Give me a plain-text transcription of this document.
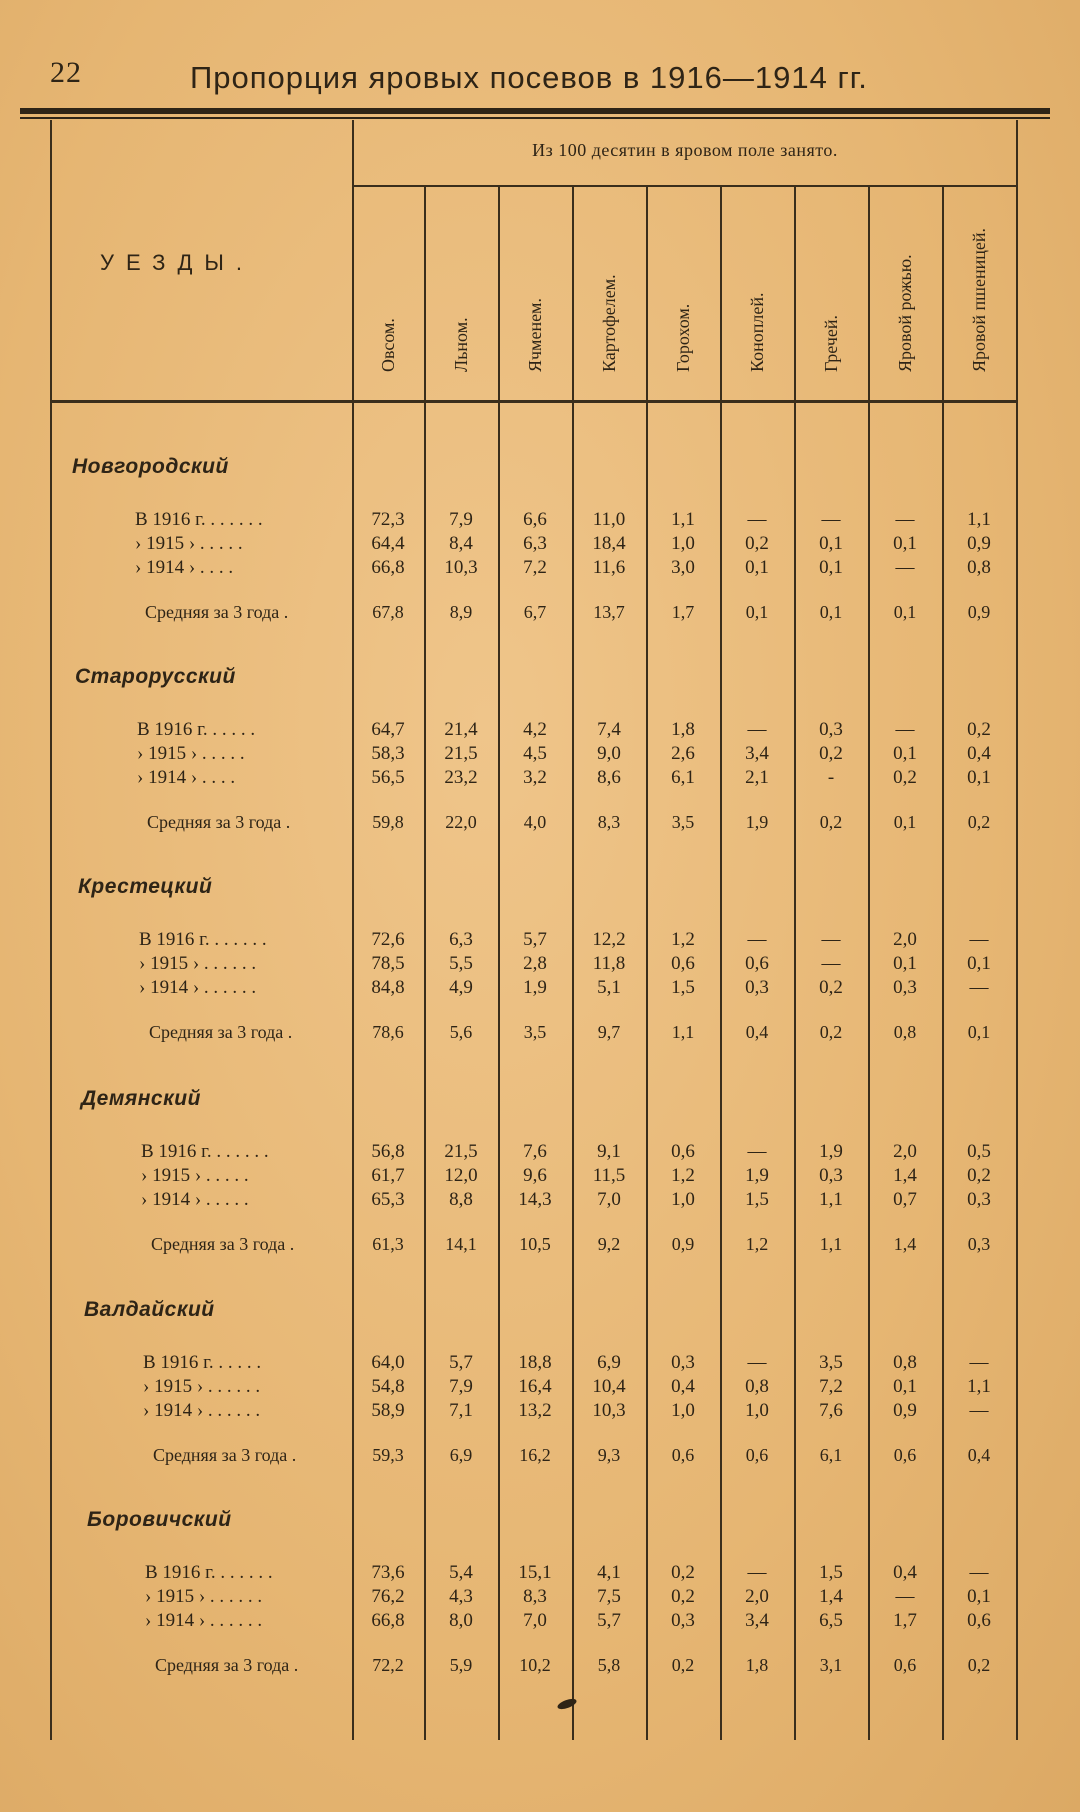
22	Пропорция яровых посевов в 1916—1914 гг.
УЕЗДЫ.
Из 100 десятин в яровом поле занято.
Овсом.	Льном.	Ячменем.	Картофелем.	Горохом.	Коноплей.	Гречей.	Яровой рожью.	Яровой пшеницей.
Новгородский
В 1916 г. . . . . . .	72,3	7,9	6,6	11,0	1,1	—	—	—	1,1
› 1915 › . . . . .	64,4	8,4	6,3	18,4	1,0	0,2	0,1	0,1	0,9
› 1914 › . . . .	66,8	10,3	7,2	11,6	3,0	0,1	0,1	—	0,8
Средняя за 3 года .	67,8	8,9	6,7	13,7	1,7	0,1	0,1	0,1	0,9
Старорусский
В 1916 г. . . . . .	64,7	21,4	4,2	7,4	1,8	—	0,3	—	0,2
› 1915 › . . . . .	58,3	21,5	4,5	9,0	2,6	3,4	0,2	0,1	0,4
› 1914 › . . . .	56,5	23,2	3,2	8,6	6,1	2,1	-	0,2	0,1
Средняя за 3 года .	59,8	22,0	4,0	8,3	3,5	1,9	0,2	0,1	0,2
Крестецкий
В 1916 г. . . . . . .	72,6	6,3	5,7	12,2	1,2	—	—	2,0	—
› 1915 › . . . . . .	78,5	5,5	2,8	11,8	0,6	0,6	—	0,1	0,1
› 1914 › . . . . . .	84,8	4,9	1,9	5,1	1,5	0,3	0,2	0,3	—
Средняя за 3 года .	78,6	5,6	3,5	9,7	1,1	0,4	0,2	0,8	0,1
Демянский
В 1916 г. . . . . . .	56,8	21,5	7,6	9,1	0,6	—	1,9	2,0	0,5
› 1915 › . . . . .	61,7	12,0	9,6	11,5	1,2	1,9	0,3	1,4	0,2
› 1914 › . . . . .	65,3	8,8	14,3	7,0	1,0	1,5	1,1	0,7	0,3
Средняя за 3 года .	61,3	14,1	10,5	9,2	0,9	1,2	1,1	1,4	0,3
Валдайский
В 1916 г. . . . . .	64,0	5,7	18,8	6,9	0,3	—	3,5	0,8	—
› 1915 › . . . . . .	54,8	7,9	16,4	10,4	0,4	0,8	7,2	0,1	1,1
› 1914 › . . . . . .	58,9	7,1	13,2	10,3	1,0	1,0	7,6	0,9	—
Средняя за 3 года .	59,3	6,9	16,2	9,3	0,6	0,6	6,1	0,6	0,4
Боровичский
В 1916 г. . . . . . .	73,6	5,4	15,1	4,1	0,2	—	1,5	0,4	—
› 1915 › . . . . . .	76,2	4,3	8,3	7,5	0,2	2,0	1,4	—	0,1
› 1914 › . . . . . .	66,8	8,0	7,0	5,7	0,3	3,4	6,5	1,7	0,6
Средняя за 3 года .	72,2	5,9	10,2	5,8	0,2	1,8	3,1	0,6	0,2
